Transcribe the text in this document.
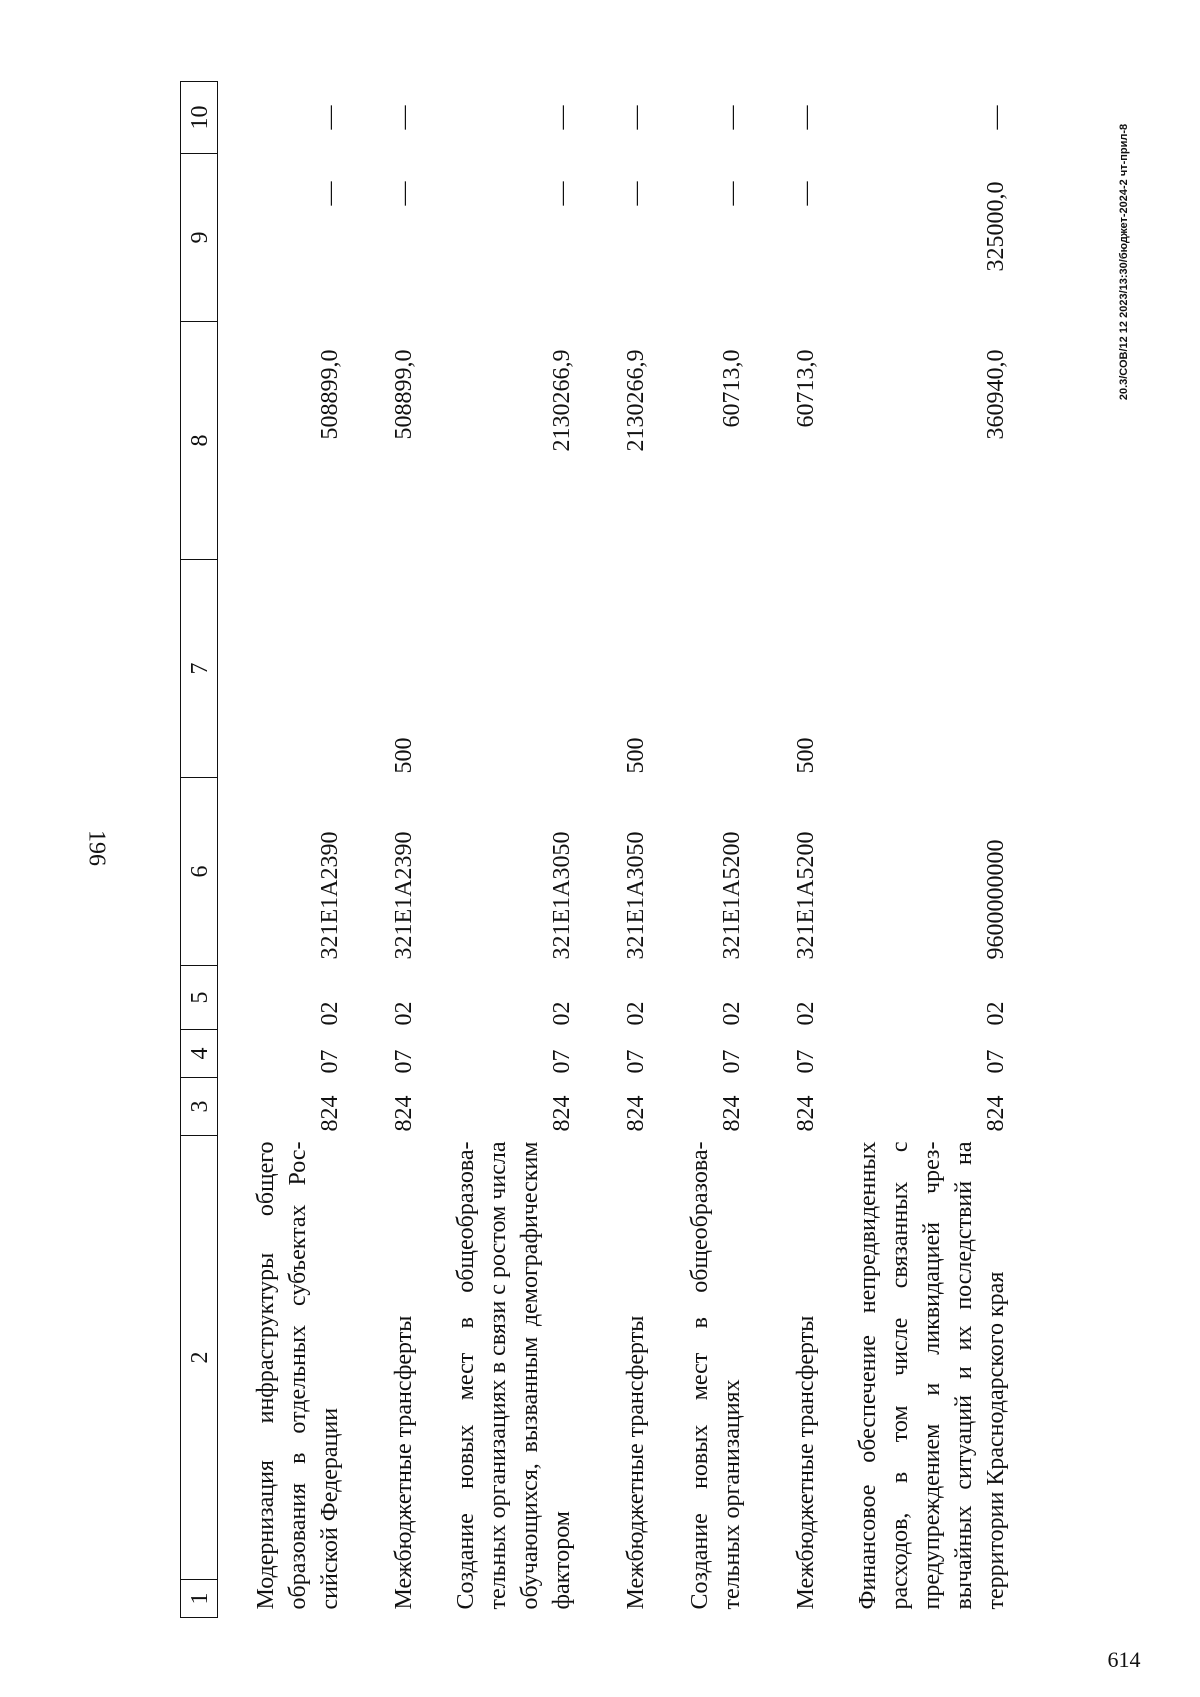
196
1	2	3	4	5	6	7	8	9	10
Модернизация инфраструктуры общего образования в отдельных субъектах Российской Федерации		824	07	02	321E1A2390		508899,0	—	—
Межбюджетные трансферты		824	07	02	321E1A2390	500	508899,0	—	—
Создание новых мест в общеобразовательных организациях в связи с ростом числа обучающихся, вызванным демографическим фактором		824	07	02	321E1A3050		2130266,9	—	—
Межбюджетные трансферты		824	07	02	321E1A3050	500	2130266,9	—	—
Создание новых мест в общеобразовательных организациях		824	07	02	321E1A5200		60713,0	—	—
Межбюджетные трансферты		824	07	02	321E1A5200	500	60713,0	—	—
Финансовое обеспечение непредвиденных расходов, в том числе связанных с предупреждением и ликвидацией чрезвычайных ситуаций и их последствий на территории Краснодарского края		824	07	02	9600000000		360940,0	325000,0	—
20.3/СОВ/12 12 2023/13:30/бюджет-2024-2 чт-прил-8
614
